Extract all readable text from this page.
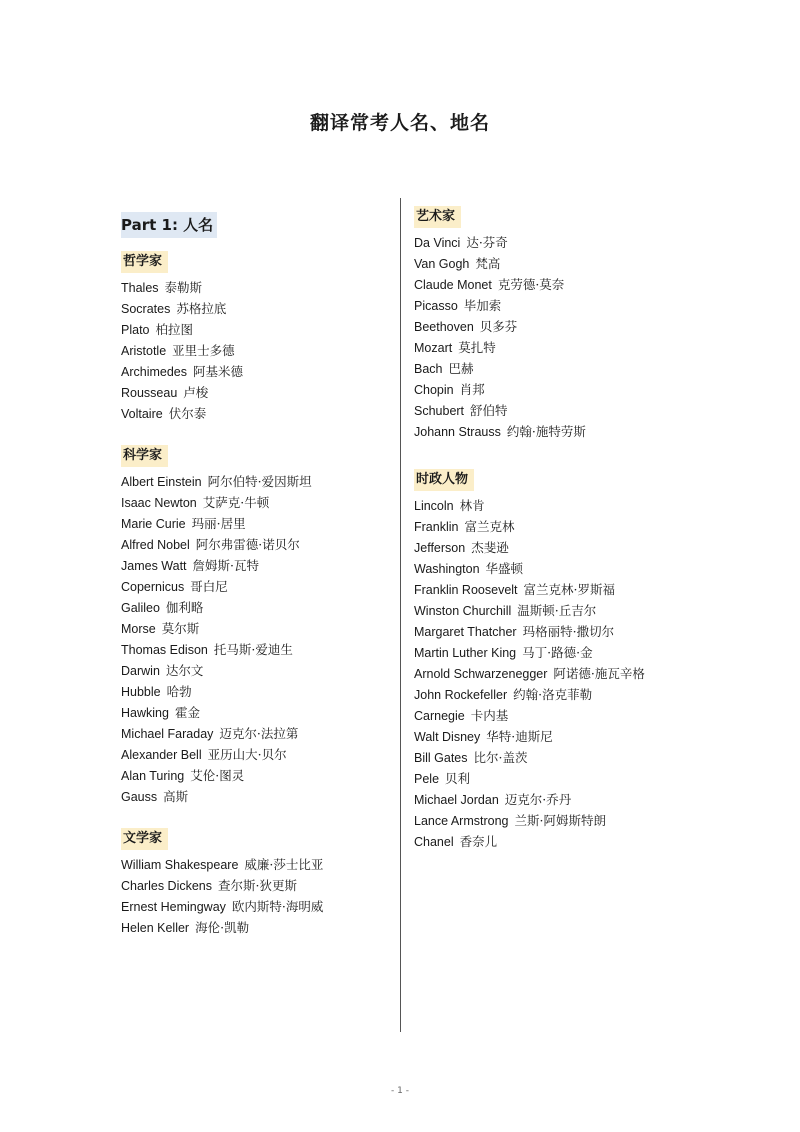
翻译常考人名、地名
Part 1: 人名
哲学家
Thales 泰勒斯
Socrates 苏格拉底
Plato 柏拉图
Aristotle 亚里士多德
Archimedes 阿基米德
Rousseau 卢梭
Voltaire 伏尔泰
科学家
Albert Einstein 阿尔伯特·爱因斯坦
Isaac Newton 艾萨克·牛顿
Marie Curie 玛丽·居里
Alfred Nobel 阿尔弗雷德·诺贝尔
James Watt 詹姆斯·瓦特
Copernicus 哥白尼
Galileo 伽利略
Morse 莫尔斯
Thomas Edison 托马斯·爱迪生
Darwin 达尔文
Hubble 哈勃
Hawking 霍金
Michael Faraday 迈克尔·法拉第
Alexander Bell 亚历山大·贝尔
Alan Turing 艾伦·图灵
Gauss 高斯
文学家
William Shakespeare 威廉·莎士比亚
Charles Dickens 查尔斯·狄更斯
Ernest Hemingway 欧内斯特·海明威
Helen Keller 海伦·凯勒
艺术家
Da Vinci 达·芬奇
Van Gogh 梵高
Claude Monet 克劳德·莫奈
Picasso 毕加索
Beethoven 贝多芬
Mozart 莫扎特
Bach 巴赫
Chopin 肖邦
Schubert 舒伯特
Johann Strauss 约翰·施特劳斯
时政人物
Lincoln 林肯
Franklin 富兰克林
Jefferson 杰斐逊
Washington 华盛顿
Franklin Roosevelt 富兰克林·罗斯福
Winston Churchill 温斯顿·丘吉尔
Margaret Thatcher 玛格丽特·撒切尔
Martin Luther King 马丁·路德·金
Arnold Schwarzenegger 阿诺德·施瓦辛格
John Rockefeller 约翰·洛克菲勒
Carnegie 卡内基
Walt Disney 华特·迪斯尼
Bill Gates 比尔·盖茨
Pele 贝利
Michael Jordan 迈克尔·乔丹
Lance Armstrong 兰斯·阿姆斯特朗
Chanel 香奈儿
- 1 -
